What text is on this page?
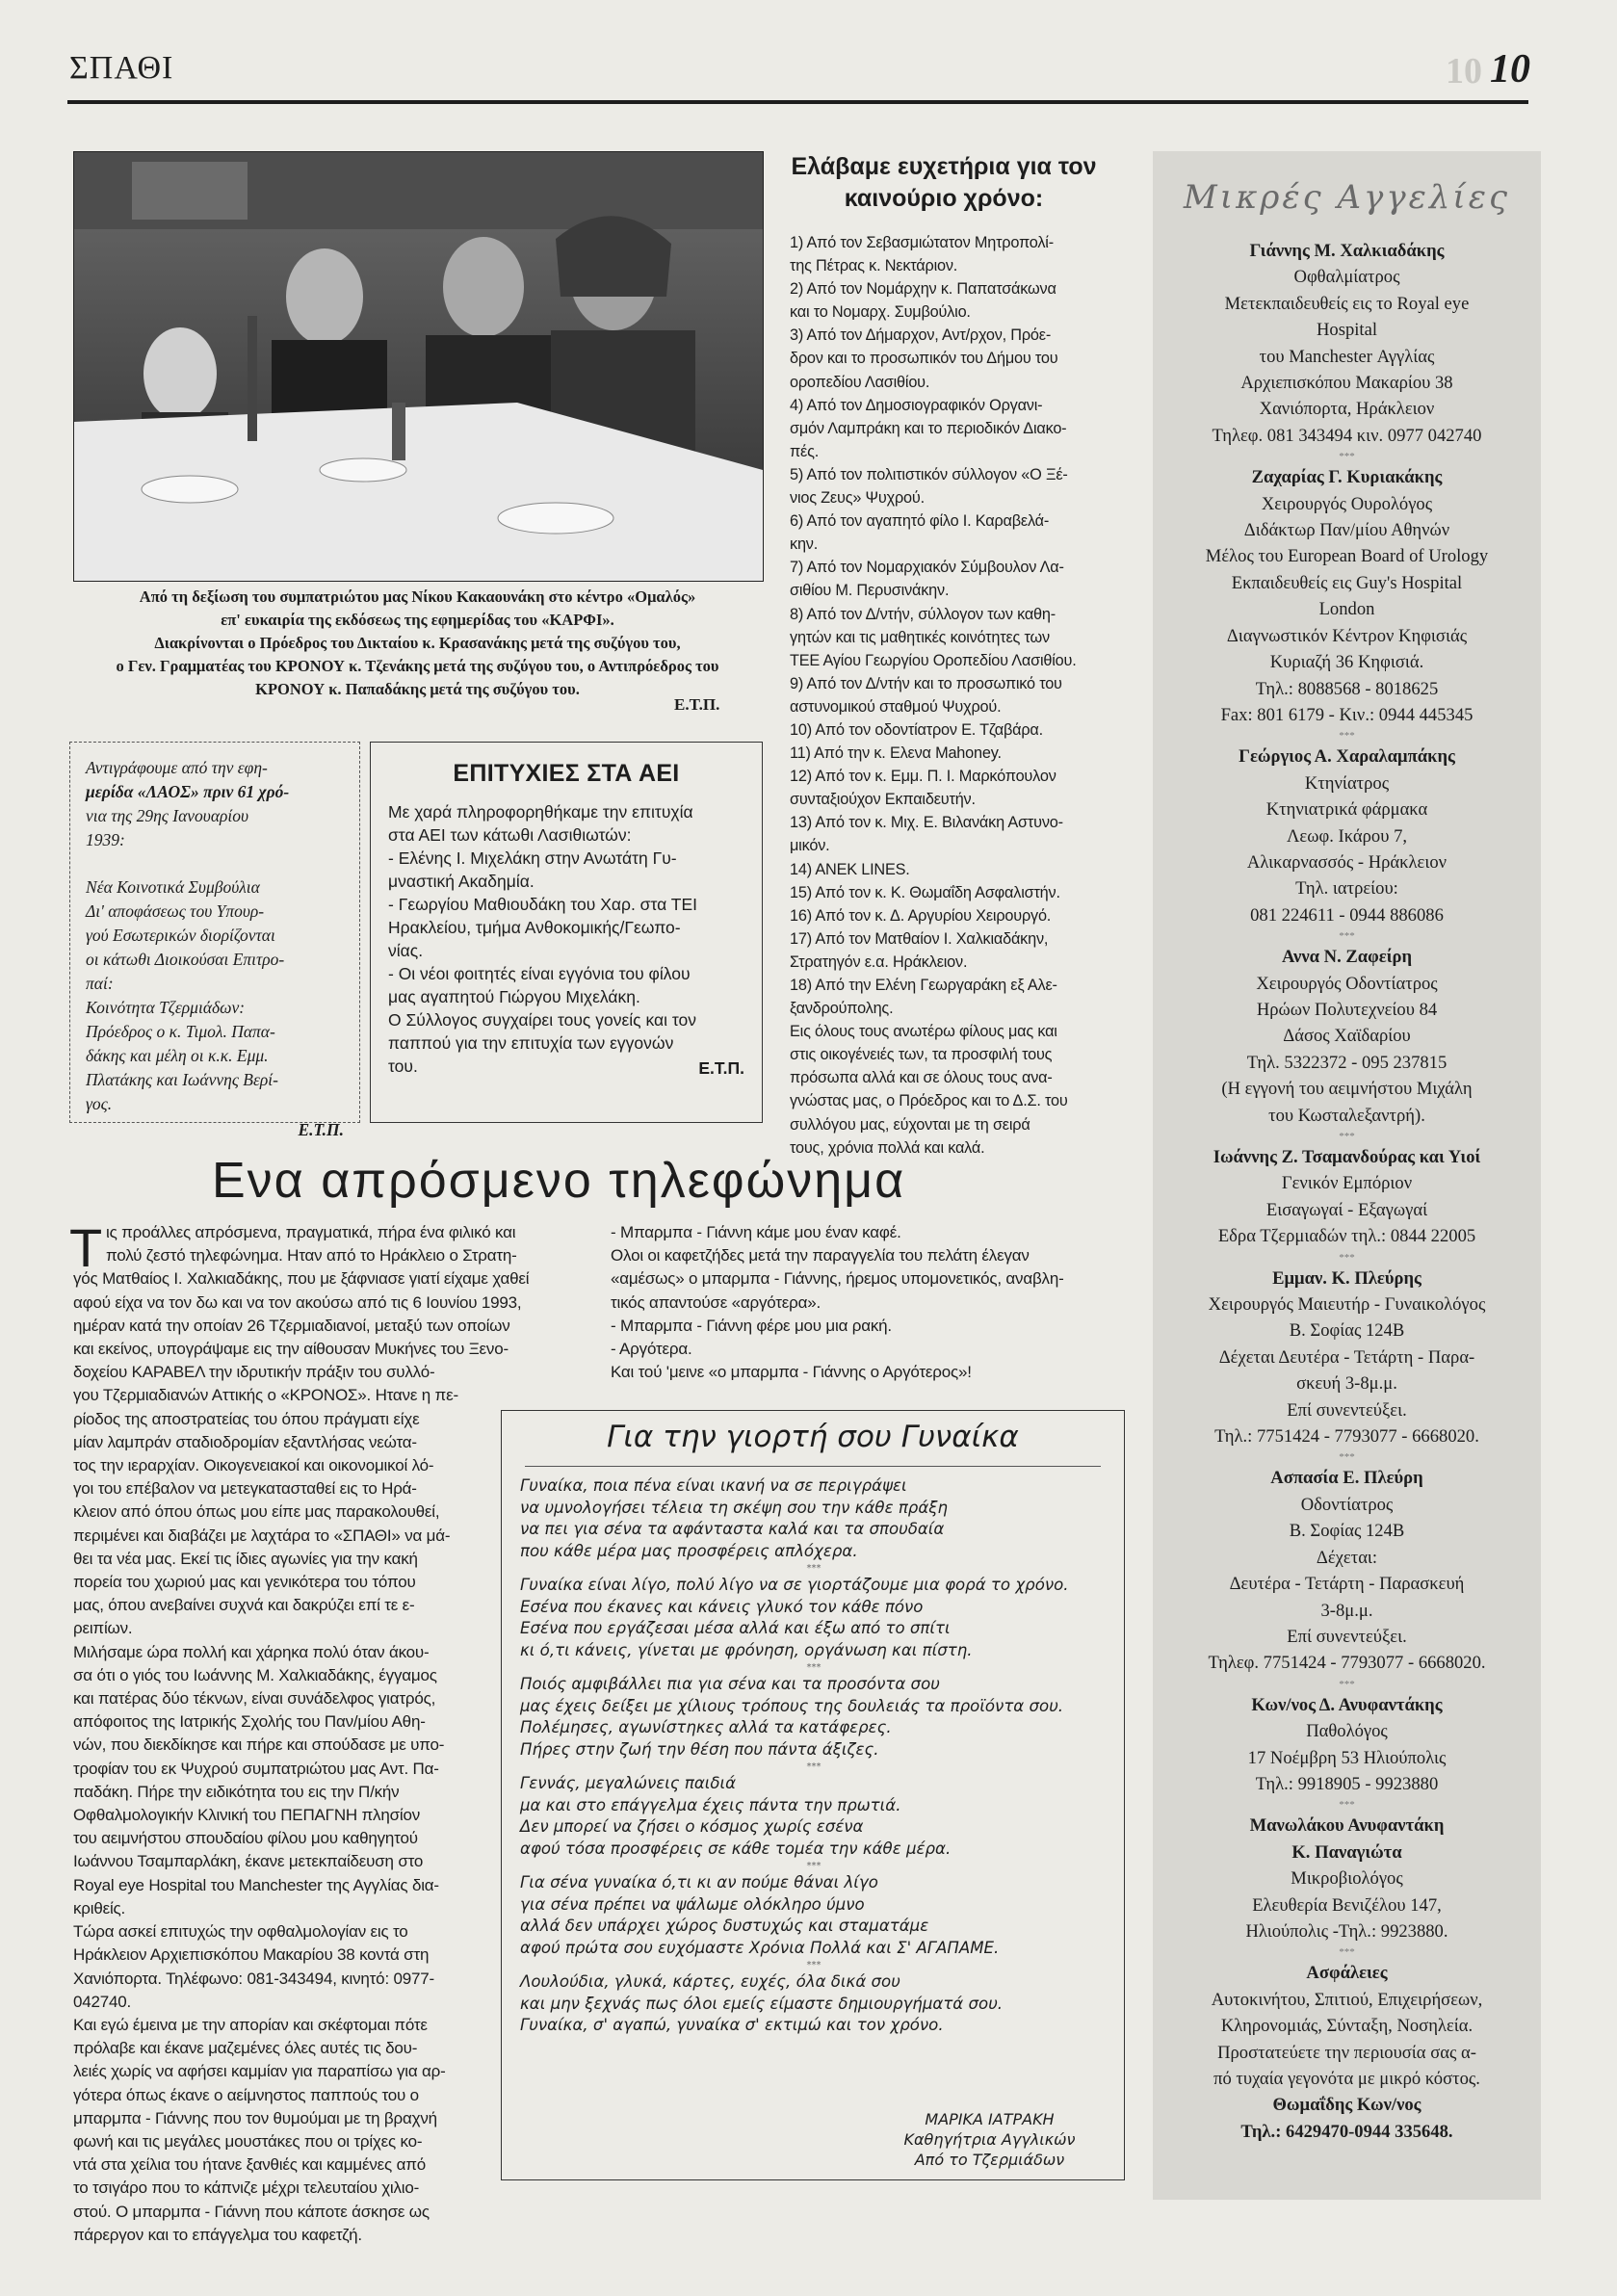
ΣΠΑΘΙ	10 10
Από τη δεξίωση του συμπατριώτου μας Νίκου Κακαουνάκη στο κέντρο «Ομαλός»
επ' ευκαιρία της εκδόσεως της εφημερίδας του «ΚΑΡΦΙ».
Διακρίνονται ο Πρόεδρος του Δικταίου κ. Κρασανάκης μετά της συζύγου του,
ο Γεν. Γραμματέας του ΚΡΟΝΟΥ κ. Τζενάκης μετά της συζύγου του, ο Αντιπρόεδρος του
ΚΡΟΝΟΥ κ. Παπαδάκης μετά της συζύγου του.
Ε.Τ.Π.

Αντιγράφουμε από την εφη-
μερίδα «ΛΑΟΣ» πριν 61 χρό-
νια της 29ης Ιανουαρίου
1939:

Νέα Κοινοτικά Συμβούλια
Δι' αποφάσεως του Υπουρ-
γού Εσωτερικών διορίζονται
οι κάτωθι Διοικούσαι Επιτρο-
παί:
Κοινότητα Τζερμιάδων:
Πρόεδρος ο κ. Τιμολ. Παπα-
δάκης και μέλη οι κ.κ. Εμμ.
Πλατάκης και Ιωάννης Βερί-
γος.

Ε.Τ.Π.
ΕΠΙΤΥΧΙΕΣ ΣΤΑ ΑΕΙ
Με χαρά πληροφορηθήκαμε την επιτυχία
στα ΑΕΙ των κάτωθι Λασιθιωτών:
- Ελένης Ι. Μιχελάκη στην Ανωτάτη Γυ-
μναστική Ακαδημία.
- Γεωργίου Μαθιουδάκη του Χαρ. στα ΤΕΙ
Ηρακλείου, τμήμα Ανθοκομικής/Γεωπο-
νίας.
- Οι νέοι φοιτητές είναι εγγόνια του φίλου
μας αγαπητού Γιώργου Μιχελάκη.
Ο Σύλλογος συγχαίρει τους γονείς και τον
παππού για την επιτυχία των εγγονών
του.	Ε.Τ.Π.
Ελάβαμε ευχετήρια για τον
καινούριο χρόνο:
1) Από τον Σεβασμιώτατον Μητροπολί-
της Πέτρας κ. Νεκτάριον.
2) Από τον Νομάρχην κ. Παπατσάκωνα
και το Νομαρχ. Συμβούλιο.
3) Από τον Δήμαρχον, Αντ/ρχον, Πρόε-
δρον και το προσωπικόν του Δήμου του
οροπεδίου Λασιθίου.
4) Από τον Δημοσιογραφικόν Οργανι-
σμόν Λαμπράκη και το περιοδικόν Διακο-
πές.
5) Από τον πολιτιστικόν σύλλογον «Ο Ξέ-
νιος Ζευς» Ψυχρού.
6) Από τον αγαπητό φίλο Ι. Καραβελά-
κην.
7) Από τον Νομαρχιακόν Σύμβουλον Λα-
σιθίου Μ. Περυσινάκην.
8) Από τον Δ/ντήν, σύλλογον των καθη-
γητών και τις μαθητικές κοινότητες των
ΤΕΕ Αγίου Γεωργίου Οροπεδίου Λασιθίου.
9) Από τον Δ/ντήν και το προσωπικό του
αστυνομικού σταθμού Ψυχρού.
10) Από τον οδοντίατρον Ε. Τζαβάρα.
11) Από την κ. Ελενα Mahoney.
12) Από τον κ. Εμμ. Π. Ι. Μαρκόπουλον
συνταξιούχον Εκπαιδευτήν.
13) Από τον κ. Μιχ. Ε. Βιλανάκη Αστυνο-
μικόν.
14) ANEK LINES.
15) Από τον κ. Κ. Θωμαΐδη Ασφαλιστήν.
16) Από τον κ. Δ. Αργυρίου Χειρουργό.
17) Από τον Ματθαίον Ι. Χαλκιαδάκην,
Στρατηγόν ε.α. Ηράκλειον.
18) Από την Ελένη Γεωργαράκη εξ Αλε-
ξανδρούπολης.
Εις όλους τους ανωτέρω φίλους μας και
στις οικογένειές των, τα προσφιλή τους
πρόσωπα αλλά και σε όλους τους ανα-
γνώστας μας, ο Πρόεδρος και το Δ.Σ. του
συλλόγου μας, εύχονται με τη σειρά
τους, χρόνια πολλά και καλά.
Μικρές Αγγελίες
Γιάννης Μ. Χαλκιαδάκης
Οφθαλμίατρος
Μετεκπαιδευθείς εις το Royal eye
Hospital
του Manchester Αγγλίας
Αρχιεπισκόπου Μακαρίου 38
Χανιόπορτα, Ηράκλειον
Τηλεφ. 081 343494 κιν. 0977 042740
***
Ζαχαρίας Γ. Κυριακάκης
Χειρουργός Ουρολόγος
Διδάκτωρ Παν/μίου Αθηνών
Μέλος του European Board of Urology
Εκπαιδευθείς εις Guy's Hospital
London
Διαγνωστικόν Κέντρον Κηφισιάς
Κυριαζή 36 Κηφισιά.
Τηλ.: 8088568 - 8018625
Fax: 801 6179 - Κιν.: 0944 445345
***
Γεώργιος Α. Χαραλαμπάκης
Κτηνίατρος
Κτηνιατρικά φάρμακα
Λεωφ. Ικάρου 7,
Αλικαρνασσός - Ηράκλειον
Τηλ. ιατρείου:
081 224611 - 0944 886086
***
Αννα Ν. Ζαφείρη
Χειρουργός Οδοντίατρος
Ηρώων Πολυτεχνείου 84
Δάσος Χαϊδαρίου
Τηλ. 5322372 - 095 237815
(Η εγγονή του αειμνήστου Μιχάλη
του Κωσταλεξαντρή).
***
Ιωάννης Ζ. Τσαμανδούρας και Υιοί
Γενικόν Εμπόριον
Εισαγωγαί - Εξαγωγαί
Εδρα Τζερμιαδών τηλ.: 0844 22005
***
Εμμαν. Κ. Πλεύρης
Χειρουργός Μαιευτήρ - Γυναικολόγος
Β. Σοφίας 124Β
Δέχεται Δευτέρα - Τετάρτη - Παρα-
σκευή 3-8μ.μ.
Επί συνεντεύξει.
Τηλ.: 7751424 - 7793077 - 6668020.
***
Ασπασία Ε. Πλεύρη
Οδοντίατρος
Β. Σοφίας 124Β
Δέχεται:
Δευτέρα - Τετάρτη - Παρασκευή
3-8μ.μ.
Επί συνεντεύξει.
Τηλεφ. 7751424 - 7793077 - 6668020.
***
Κων/νος Δ. Ανυφαντάκης
Παθολόγος
17 Νοέμβρη 53 Ηλιούπολις
Τηλ.: 9918905 - 9923880
***
Μανωλάκου Ανυφαντάκη
Κ. Παναγιώτα
Μικροβιολόγος
Ελευθερία Βενιζέλου 147,
Ηλιούπολις -Τηλ.: 9923880.
***
Ασφάλειες
Αυτοκινήτου, Σπιτιού, Επιχειρήσεων,
Κληρονομιάς, Σύνταξη, Νοσηλεία.
Προστατεύετε την περιουσία σας α-
πό τυχαία γεγονότα με μικρό κόστος.
Θωμαΐδης Κων/νος
Τηλ.: 6429470-0944 335648.
Ενα απρόσμενο τηλεφώνημα
Τ ις προάλλες απρόσμενα, πραγματικά, πήρα ένα φιλικό και
πολύ ζεστό τηλεφώνημα. Ηταν από το Ηράκλειο ο Στρατη-
γός Ματθαίος Ι. Χαλκιαδάκης, που με ξάφνιασε γιατί είχαμε χαθεί
αφού είχα να τον δω και να τον ακούσω από τις 6 Ιουνίου 1993,
ημέραν κατά την οποίαν 26 Τζερμιαδιανοί, μεταξύ των οποίων
και εκείνος, υπογράψαμε εις την αίθουσαν Μυκήνες του Ξενο-
δοχείου ΚΑΡΑΒΕΛ την ιδρυτικήν πράξιν του συλλό-
γου Τζερμιαδιανών Αττικής ο «ΚΡΟΝΟΣ». Ητανε η πε-
ρίοδος της αποστρατείας του όπου πράγματι είχε
μίαν λαμπράν σταδιοδρομίαν εξαντλήσας νεώτα-
τος την ιεραρχίαν. Οικογενειακοί και οικονομικοί λό-
γοι του επέβαλον να μετεγκατασταθεί εις το Ηρά-
κλειον από όπου όπως μου είπε μας παρακολουθεί,
περιμένει και διαβάζει με λαχτάρα το «ΣΠΑΘΙ» να μά-
θει τα νέα μας. Εκεί τις ίδιες αγωνίες για την κακή
πορεία του χωριού μας και γενικότερα του τόπου
μας, όπου ανεβαίνει συχνά και δακρύζει επί τε ε-
ρειπίων.
Μιλήσαμε ώρα πολλή και χάρηκα πολύ όταν άκου-
σα ότι ο γιός του Ιωάννης Μ. Χαλκιαδάκης, έγγαμος
και πατέρας δύο τέκνων, είναι συνάδελφος γιατρός,
απόφοιτος της Ιατρικής Σχολής του Παν/μίου Αθη-
νών, που διεκδίκησε και πήρε και σπούδασε με υπο-
τροφίαν του εκ Ψυχρού συμπατριώτου μας Αντ. Πα-
παδάκη. Πήρε την ειδικότητα του εις την Π/κήν
Οφθαλμολογικήν Κλινική του ΠΕΠΑΓΝΗ πλησίον
του αειμνήστου σπουδαίου φίλου μου καθηγητού
Ιωάννου Τσαμπαρλάκη, έκανε μετεκπαίδευση στο
Royal eye Hospital του Manchester της Αγγλίας δια-
κριθείς.
Τώρα ασκεί επιτυχώς την οφθαλμολογίαν εις το
Ηράκλειον Αρχιεπισκόπου Μακαρίου 38 κοντά στη
Χανιόπορτα. Τηλέφωνο: 081-343494, κινητό: 0977-
042740.
Και εγώ έμεινα με την απορίαν και σκέφτομαι πότε
πρόλαβε και έκανε μαζεμένες όλες αυτές τις δου-
λειές χωρίς να αφήσει καμμίαν για παραπίσω για αρ-
γότερα όπως έκανε ο αείμνηστος παππούς του ο
μπαρμπα - Γιάννης που τον θυμούμαι με τη βραχνή
φωνή και τις μεγάλες μουστάκες που οι τρίχες κο-
ντά στα χείλια του ήτανε ξανθιές και καμμένες από
το τσιγάρο που το κάπνιζε μέχρι τελευταίου χιλιο-
στού. Ο μπαρμπα - Γιάννη που κάποτε άσκησε ως
πάρεργον και το επάγγελμα του καφετζή.
- Μπαρμπα - Γιάννη κάμε μου έναν καφέ.
Ολοι οι καφετζήδες μετά την παραγγελία του πελάτη έλεγαν
«αμέσως» ο μπαρμπα - Γιάννης, ήρεμος υπομονετικός, αναβλη-
τικός απαντούσε «αργότερα».
- Μπαρμπα - Γιάννη φέρε μου μια ρακή.
- Αργότερα.
Και τού 'μεινε «ο μπαρμπα - Γιάννης ο Αργότερος»!
Για την γιορτή σου Γυναίκα
Γυναίκα, ποια πένα είναι ικανή να σε περιγράψει
να υμνολογήσει τέλεια τη σκέψη σου την κάθε πράξη
να πει για σένα τα αφάνταστα καλά και τα σπουδαία
που κάθε μέρα μας προσφέρεις απλόχερα.
***
Γυναίκα είναι λίγο, πολύ λίγο να σε γιορτάζουμε μια φορά το χρόνο.
Εσένα που έκανες και κάνεις γλυκό τον κάθε πόνο
Εσένα που εργάζεσαι μέσα αλλά και έξω από το σπίτι
κι ό,τι κάνεις, γίνεται με φρόνηση, οργάνωση και πίστη.
***
Ποιός αμφιβάλλει πια για σένα και τα προσόντα σου
μας έχεις δείξει με χίλιους τρόπους της δουλειάς τα προϊόντα σου.
Πολέμησες, αγωνίστηκες αλλά τα κατάφερες.
Πήρες στην ζωή την θέση που πάντα άξιζες.
***
Γεννάς, μεγαλώνεις παιδιά
μα και στο επάγγελμα έχεις πάντα την πρωτιά.
Δεν μπορεί να ζήσει ο κόσμος χωρίς εσένα
αφού τόσα προσφέρεις σε κάθε τομέα την κάθε μέρα.
***
Για σένα γυναίκα ό,τι κι αν πούμε θάναι λίγο
για σένα πρέπει να ψάλωμε ολόκληρο ύμνο
αλλά δεν υπάρχει χώρος δυστυχώς και σταματάμε
αφού πρώτα σου ευχόμαστε Χρόνια Πολλά και Σ' ΑΓΑΠΑΜΕ.
***
Λουλούδια, γλυκά, κάρτες, ευχές, όλα δικά σου
και μην ξεχνάς πως όλοι εμείς είμαστε δημιουργήματά σου.
Γυναίκα, σ' αγαπώ, γυναίκα σ' εκτιμώ και τον χρόνο.
ΜΑΡΙΚΑ ΙΑΤΡΑΚΗ
Καθηγήτρια Αγγλικών
Από το Τζερμιάδων
